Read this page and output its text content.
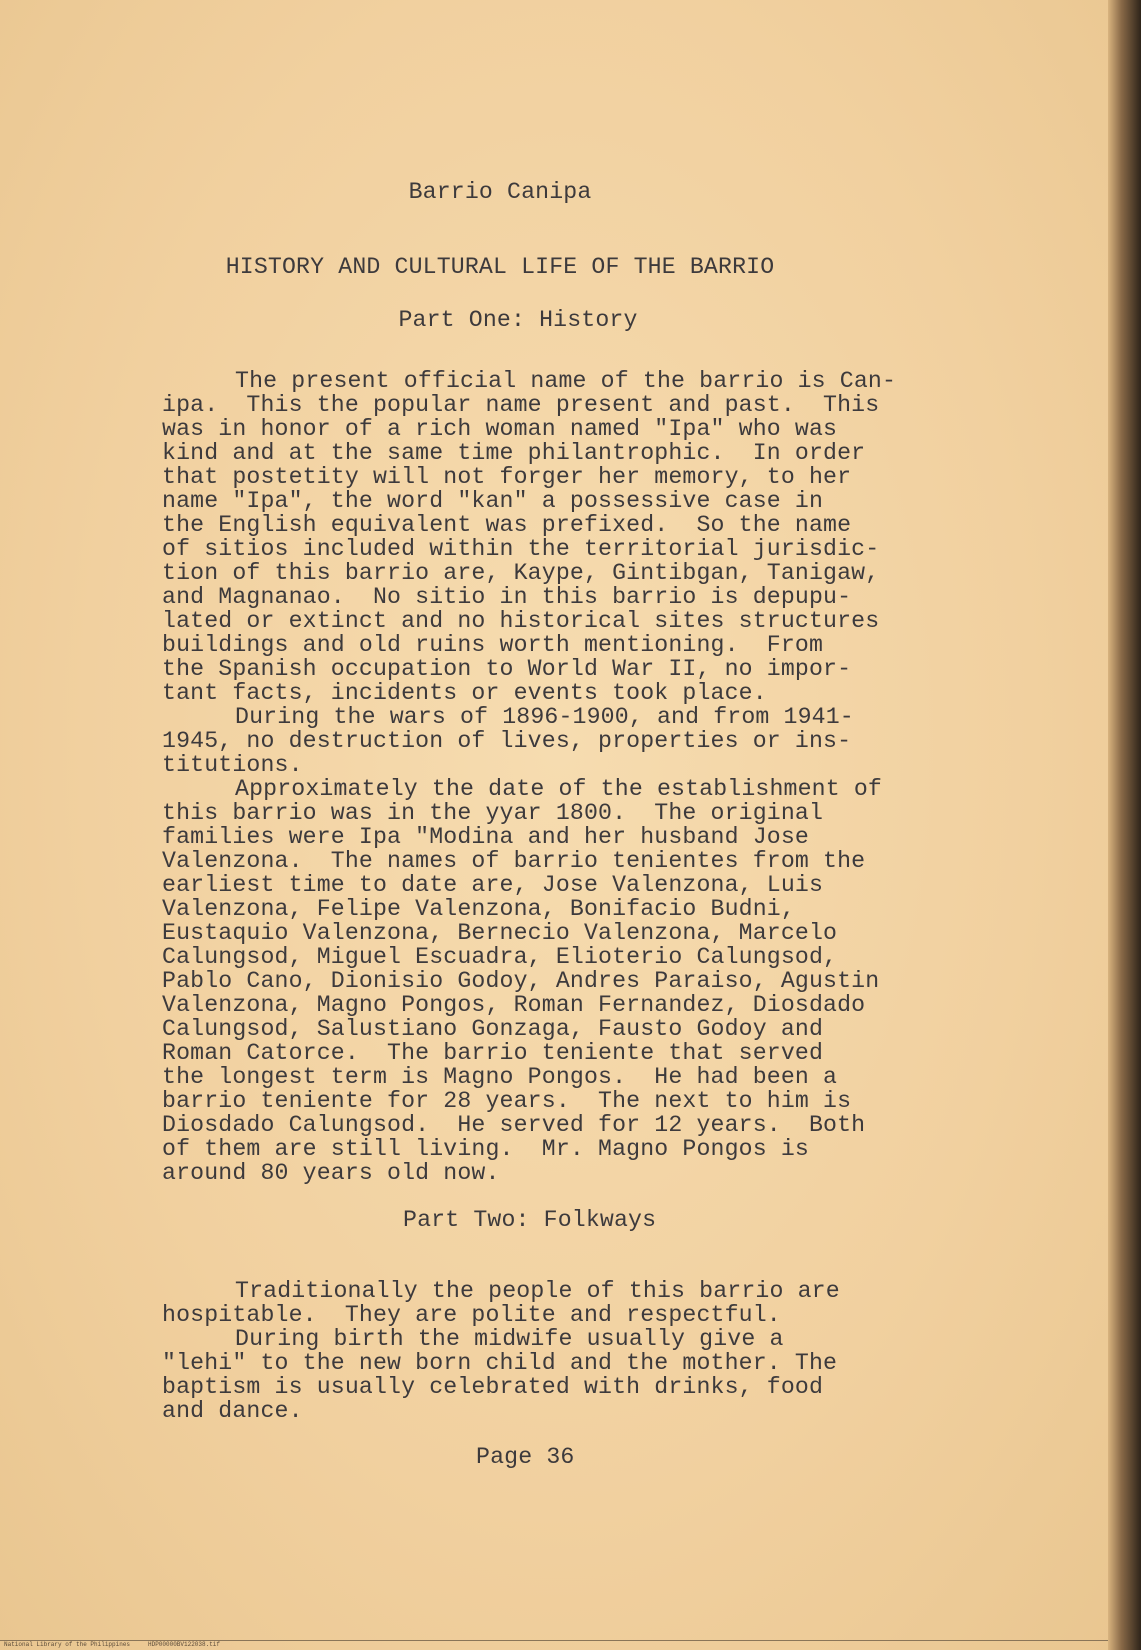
Barrio Canipa
HISTORY AND CULTURAL LIFE OF THE BARRIO
Part One: History
The present official name of the barrio is Can-
ipa.  This the popular name present and past.  This
was in honor of a rich woman named "Ipa" who was
kind and at the same time philantrophic.  In order
that postetity will not forger her memory, to her
name "Ipa", the word "kan" a possessive case in
the English equivalent was prefixed.  So the name
of sitios included within the territorial jurisdic-
tion of this barrio are, Kaype, Gintibgan, Tanigaw,
and Magnanao.  No sitio in this barrio is depupu-
lated or extinct and no historical sites structures
buildings and old ruins worth mentioning.  From
the Spanish occupation to World War II, no impor-
tant facts, incidents or events took place.
During the wars of 1896-1900, and from 1941-
1945, no destruction of lives, properties or ins-
titutions.
Approximately the date of the establishment of
this barrio was in the yyar 1800.  The original
families were Ipa "Modina and her husband Jose
Valenzona.  The names of barrio tenientes from the
earliest time to date are, Jose Valenzona, Luis
Valenzona, Felipe Valenzona, Bonifacio Budni,
Eustaquio Valenzona, Bernecio Valenzona, Marcelo
Calungsod, Miguel Escuadra, Elioterio Calungsod,
Pablo Cano, Dionisio Godoy, Andres Paraiso, Agustin
Valenzona, Magno Pongos, Roman Fernandez, Diosdado
Calungsod, Salustiano Gonzaga, Fausto Godoy and
Roman Catorce.  The barrio teniente that served
the longest term is Magno Pongos.  He had been a
barrio teniente for 28 years.  The next to him is
Diosdado Calungsod.  He served for 12 years.  Both
of them are still living.  Mr. Magno Pongos is
around 80 years old now.
Part Two: Folkways
Traditionally the people of this barrio are
hospitable.  They are polite and respectful.
During birth the midwife usually give a
"lehi" to the new born child and the mother. The
baptism is usually celebrated with drinks, food
and dance.
Page 36
National Library of the Philippines	HDP00000BV122038.tif
